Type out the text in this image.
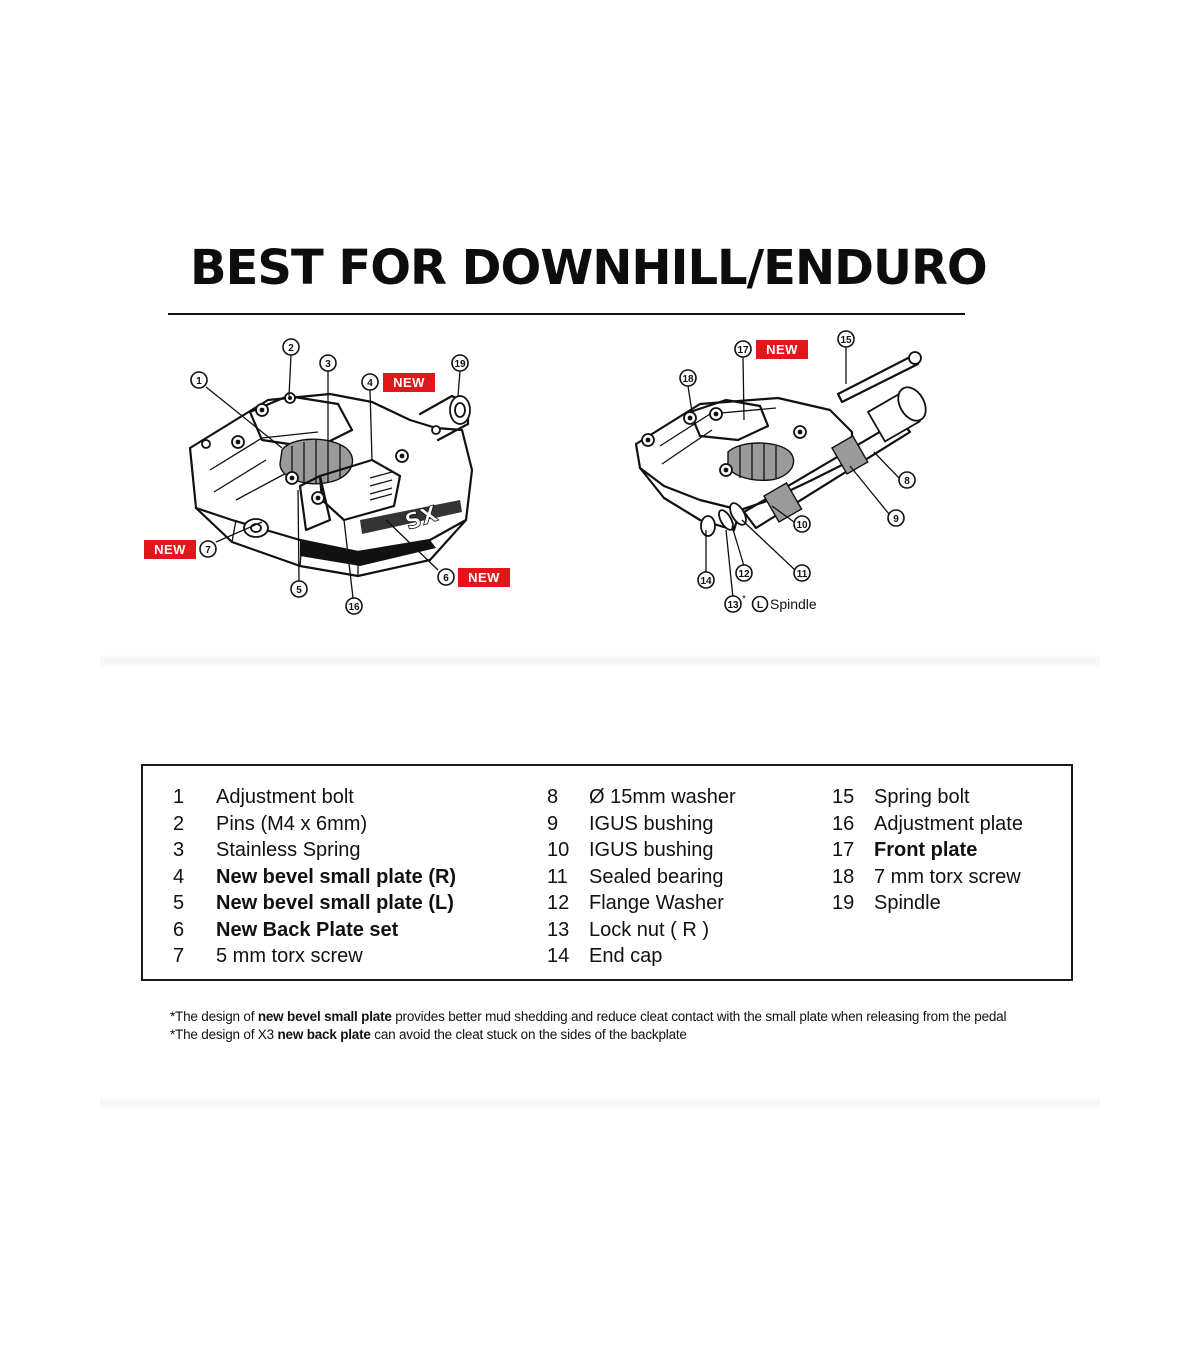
BEST FOR DOWNHILL/ENDURO
SX
1
2
3
4 NEW
19
NEW 7
5
16
6 NEW
17 NEW
15
18
8
9
10
11
12
14
13
*
L Spindle
1 Adjustment bolt
2 Pins (M4 x 6mm)
3 Stainless Spring
4 New bevel small plate (R)
5 New bevel small plate (L)
6 New Back Plate set
7 5 mm torx screw
8 Ø 15mm washer
9 IGUS bushing
10 IGUS bushing
11 Sealed bearing
12 Flange Washer
13 Lock nut ( R )
14 End cap
15 Spring bolt
16 Adjustment plate
17 Front plate
18 7 mm torx screw
19 Spindle

*The design of new bevel small plate provides better mud shedding and reduce cleat contact with the small plate when releasing from the pedal

*The design of X3 new back plate can avoid the cleat stuck on the sides of the backplate
